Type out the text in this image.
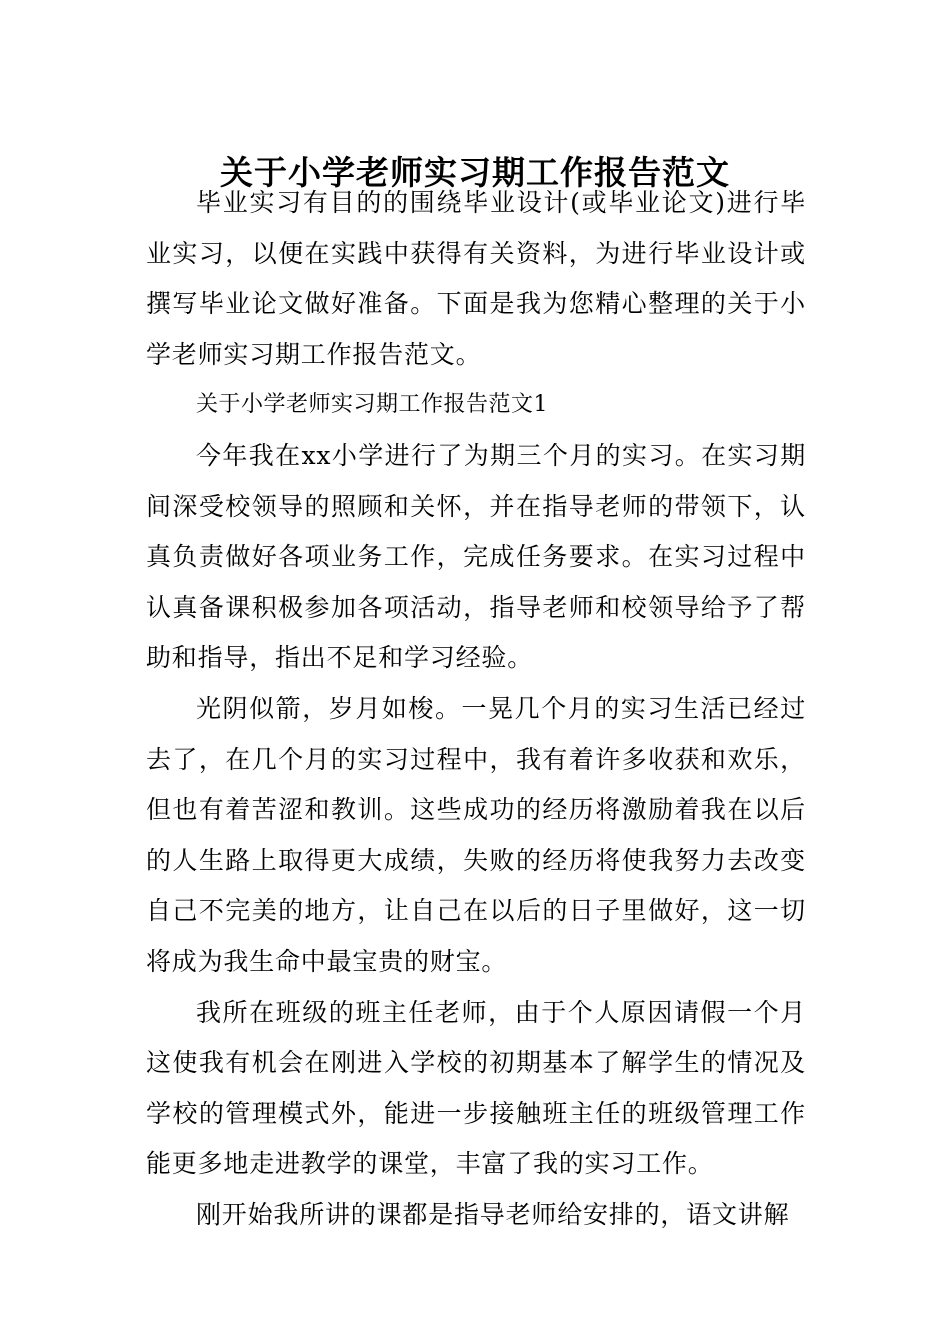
关于小学老师实习期工作报告范文

毕业实习有目的的围绕毕业设计(或毕业论文)进行毕业实习，以便在实践中获得有关资料，为进行毕业设计或撰写毕业论文做好准备。下面是我为您精心整理的关于小学老师实习期工作报告范文。

关于小学老师实习期工作报告范文1

今年我在xx小学进行了为期三个月的实习。在实习期间深受校领导的照顾和关怀，并在指导老师的带领下，认真负责做好各项业务工作，完成任务要求。在实习过程中认真备课积极参加各项活动，指导老师和校领导给予了帮助和指导，指出不足和学习经验。

光阴似箭，岁月如梭。一晃几个月的实习生活已经过去了，在几个月的实习过程中，我有着许多收获和欢乐，但也有着苦涩和教训。这些成功的经历将激励着我在以后的人生路上取得更大成绩，失败的经历将使我努力去改变自己不完美的地方，让自己在以后的日子里做好，这一切将成为我生命中最宝贵的财宝。

我所在班级的班主任老师，由于个人原因请假一个月这使我有机会在刚进入学校的初期基本了解学生的情况及学校的管理模式外，能进一步接触班主任的班级管理工作能更多地走进教学的课堂，丰富了我的实习工作。

刚开始我所讲的课都是指导老师给安排的，语文讲解
